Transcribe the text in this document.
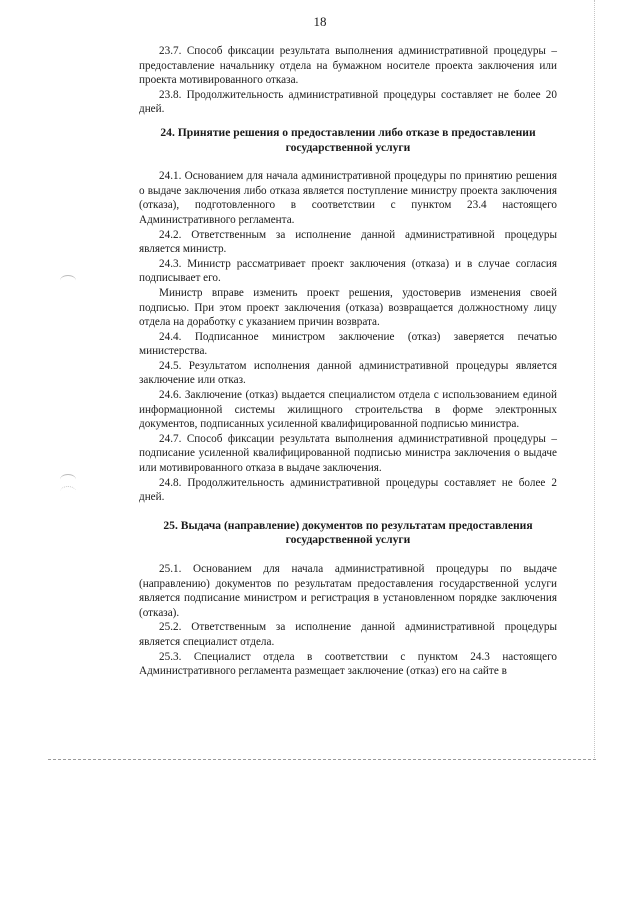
18

23.7. Способ фиксации результата выполнения административной процедуры – предоставление начальнику отдела на бумажном носителе проекта заключения или проекта мотивированного отказа.

23.8. Продолжительность административной процедуры составляет не более 20 дней.

24. Принятие решения о предоставлении либо отказе в предоставлении государственной услуги

24.1. Основанием для начала административной процедуры по принятию решения о выдаче заключения либо отказа является поступление министру проекта заключения (отказа), подготовленного в соответствии с пунктом 23.4 настоящего Административного регламента.

24.2. Ответственным за исполнение данной административной процедуры является министр.

24.3. Министр рассматривает проект заключения (отказа) и в случае согласия подписывает его.

Министр вправе изменить проект решения, удостоверив изменения своей подписью. При этом проект заключения (отказа) возвращается должностному лицу отдела на доработку с указанием причин возврата.

24.4. Подписанное министром заключение (отказ) заверяется печатью министерства.

24.5. Результатом исполнения данной административной процедуры является заключение или отказ.

24.6. Заключение (отказ) выдается специалистом отдела с использованием единой информационной системы жилищного строительства в форме электронных документов, подписанных усиленной квалифицированной подписью министра.

24.7. Способ фиксации результата выполнения административной процедуры – подписание усиленной квалифицированной подписью министра заключения о выдаче или мотивированного отказа в выдаче заключения.

24.8. Продолжительность административной процедуры составляет не более 2 дней.

25. Выдача (направление) документов по результатам предоставления государственной услуги

25.1. Основанием для начала административной процедуры по выдаче (направлению) документов по результатам предоставления государственной услуги является подписание министром и регистрация в установленном порядке заключения (отказа).

25.2. Ответственным за исполнение данной административной процедуры является специалист отдела.

25.3. Специалист отдела в соответствии с пунктом 24.3 настоящего Административного регламента размещает заключение (отказ) его на сайте в
